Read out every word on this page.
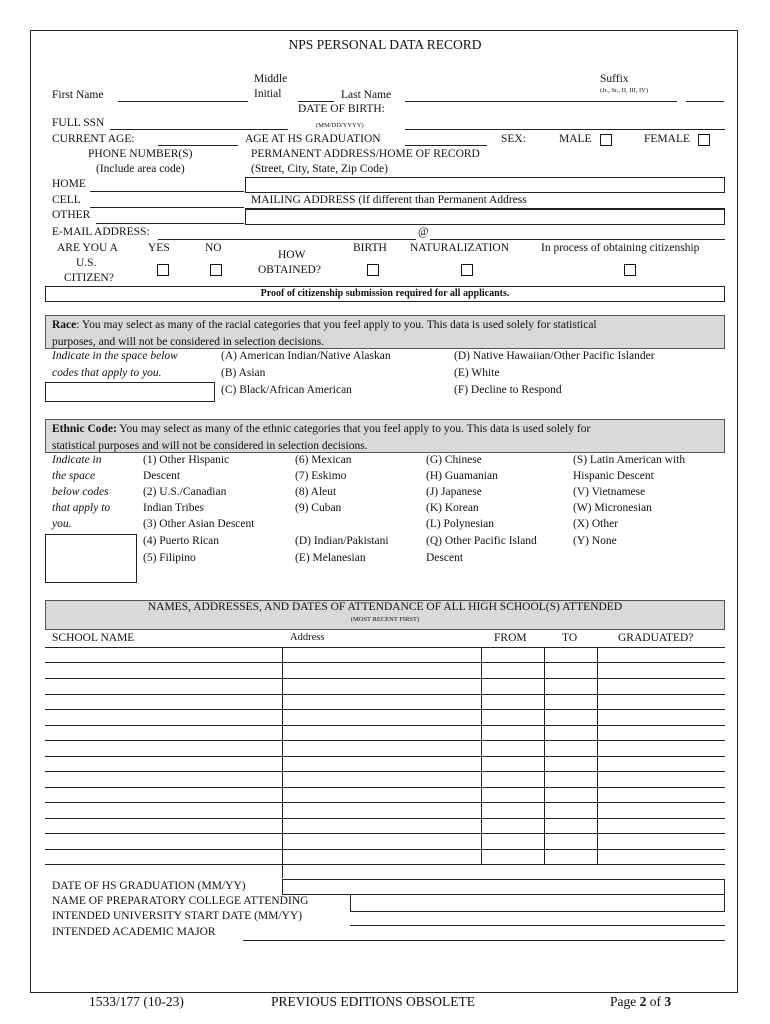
NPS PERSONAL DATA RECORD
Middle
Initial
Suffix
(Jr., Sr., II, III, IV)
First Name	Last Name
DATE OF BIRTH:
(MM/DD/YYYY)
FULL SSN
CURRENT AGE:	AGE AT HS GRADUATION	SEX:	MALE	FEMALE
PHONE NUMBER(S)
(Include area code)
PERMANENT ADDRESS/HOME OF RECORD
(Street, City, State, Zip Code)
HOME
CELL	MAILING ADDRESS (If different than Permanent Address
OTHER
E-MAIL ADDRESS:	@
ARE YOU A
U.S.
CITIZEN?
YES	NO
HOW
OBTAINED?
BIRTH NATURALIZATION	In process of obtaining citizenship
Proof of citizenship submission required for all applicants.
Race: You may select as many of the racial categories that you feel apply to you. This data is used solely for statistical
purposes, and will not be considered in selection decisions.
Indicate in the space below
codes that apply to you.
(A) American Indian/Native Alaskan
(B) Asian
(C) Black/African American
(D) Native Hawaiian/Other Pacific Islander
(E) White
(F) Decline to Respond
Ethnic Code: You may select as many of the ethnic categories that you feel apply to you. This data is used solely for
statistical purposes and will not be considered in selection decisions.
Indicate in
the space
below codes
that apply to
you.
(1) Other Hispanic
Descent
(2) U.S./Canadian
Indian Tribes
(3) Other Asian Descent
(4) Puerto Rican
(5) Filipino
(6) Mexican
(7) Eskimo
(8) Aleut
(9) Cuban
(D) Indian/Pakistani
(E) Melanesian
(G) Chinese
(H) Guamanian
(J) Japanese
(K) Korean
(L) Polynesian
(Q) Other Pacific Island
Descent
(S) Latin American with
Hispanic Descent
(V) Vietnamese
(W) Micronesian
(X) Other
(Y) None
NAMES, ADDRESSES, AND DATES OF ATTENDANCE OF ALL HIGH SCHOOL(S) ATTENDED
(MOST RECENT FIRST)
SCHOOL NAME	Address	FROM	TO	GRADUATED?
DATE OF HS GRADUATION (MM/YY)
NAME OF PREPARATORY COLLEGE ATTENDING
INTENDED UNIVERSITY START DATE (MM/YY)
INTENDED ACADEMIC MAJOR
1533/177 (10-23)	PREVIOUS EDITIONS OBSOLETE	Page 2 of 3
